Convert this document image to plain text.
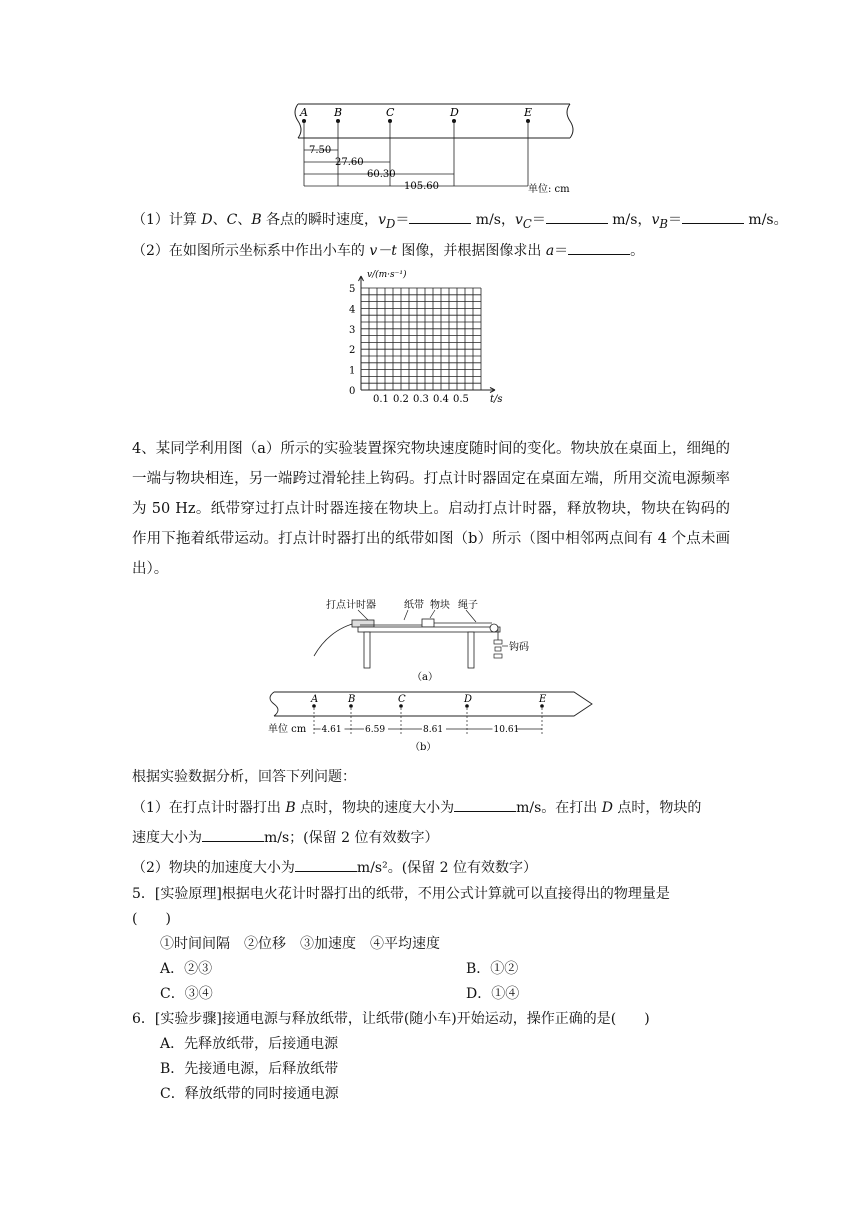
A B	C	D	E
7.50
27.60
60.30
105.60	单位: cm
（1）计算 D、C、B 各点的瞬时速度，$v_D=$	m/s，$v_C=$	m/s，$v_B=$	m/s。
（2）在如图所示坐标系中作出小车的 v－t 图像，并根据图像求出 a＝	。
0
1
2
3
4
5
0.1 0.2 0.3 0.4 0.5
v/(m·s⁻¹)
t/s
4、某同学利用图（a）所示的实验装置探究物块速度随时间的变化。物块放在桌面上，细绳的一端与物块相连，另一端跨过滑轮挂上钩码。打点计时器固定在桌面左端，所用交流电源频率为 50 Hz。纸带穿过打点计时器连接在物块上。启动打点计时器，释放物块，物块在钩码的作用下拖着纸带运动。打点计时器打出的纸带如图（b）所示（图中相邻两点间有 4 个点未画出）。
打点计时器	纸带 物块 绳子
钩码
（a）
A	B	C	D	E
4.61	6.59	8.61	10.61
单位 cm
（b）
根据实验数据分析，回答下列问题：
（1）在打点计时器打出 B 点时，物块的速度大小为	m/s。在打出 D 点时，物块的
速度大小为	m/s；(保留 2 位有效数字）
（2）物块的加速度大小为	m/s²。(保留 2 位有效数字）
5．[实验原理]根据电火花计时器打出的纸带，不用公式计算就可以直接得出的物理量是
(　　)
①时间间隔　②位移　③加速度　④平均速度
A．②③	B．①②
C．③④	D．①④
6．[实验步骤]接通电源与释放纸带，让纸带(随小车)开始运动，操作正确的是(　　)
A．先释放纸带，后接通电源
B．先接通电源，后释放纸带
C．释放纸带的同时接通电源
